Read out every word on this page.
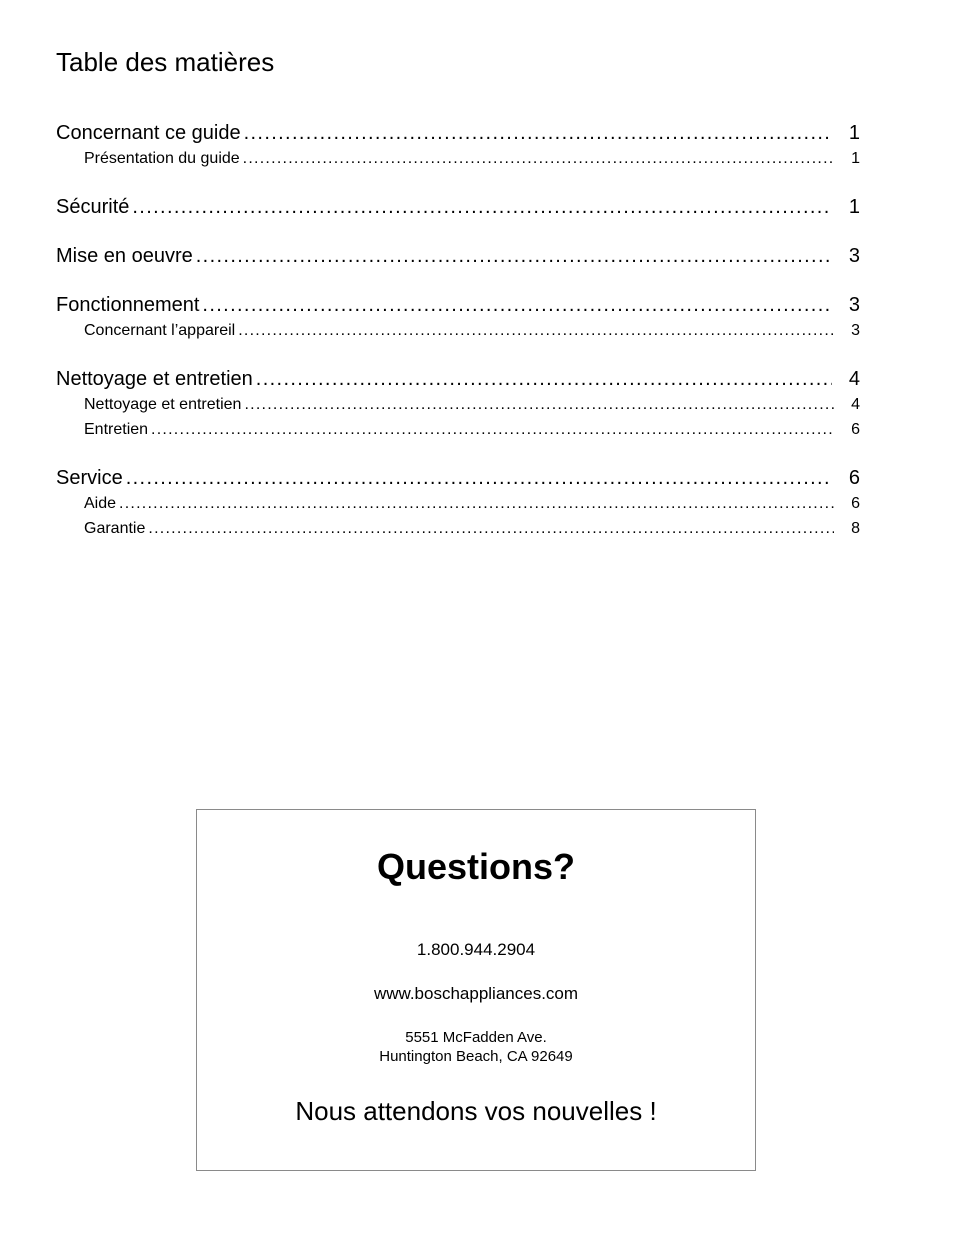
Table des matières
Concernant ce guide . . .	1
Présentation du guide . . .	1
Sécurité . . .	1
Mise en oeuvre . . .	3
Fonctionnement . . .	3
Concernant l’appareil . . .	3
Nettoyage et entretien . . .	4
Nettoyage et entretien . . .	4
Entretien . . .	6
Service . . .	6
Aide . . .	6
Garantie . . .	8
Questions?
1.800.944.2904
www.boschappliances.com
5551 McFadden Ave.
Huntington Beach, CA 92649
Nous attendons vos nouvelles !
